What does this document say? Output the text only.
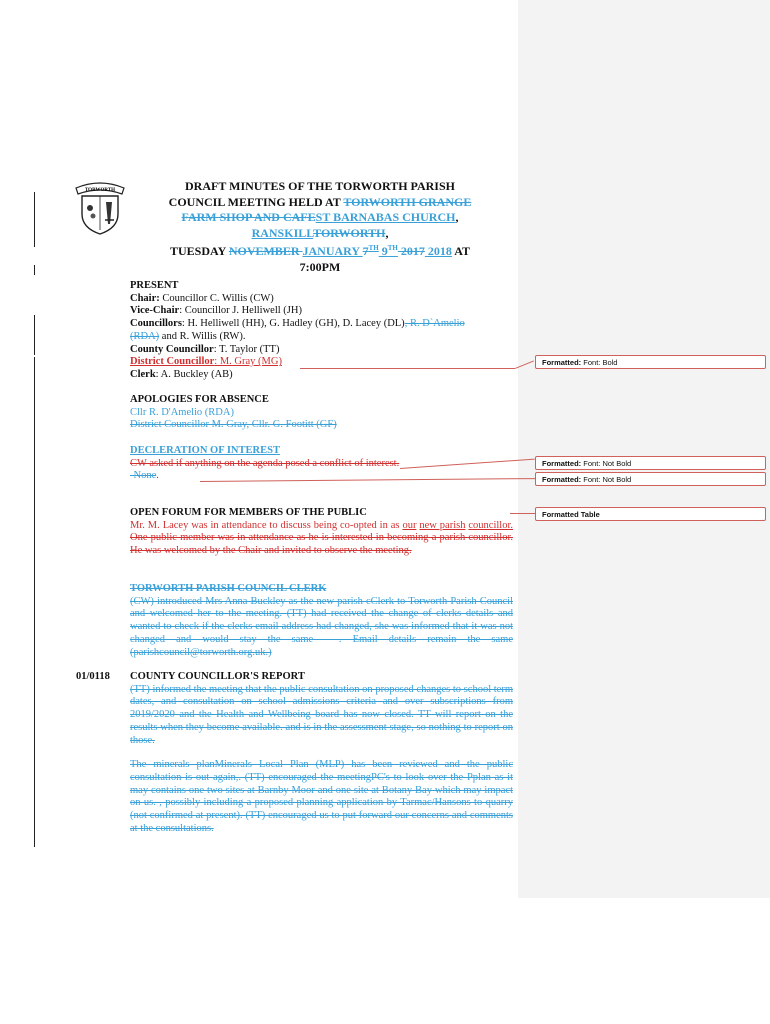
Formatted: Font: Bold
Formatted: Font: Not Bold
Formatted: Font: Not Bold
Formatted Table
TORWORTH	DRAFT MINUTES OF THE TORWORTH PARISH
COUNCIL MEETING HELD AT TORWORTH GRANGE
FARM SHOP AND CAFEST BARNABAS CHURCH,
RANSKILLTORWORTH,
TUESDAY NOVEMBER JANUARY 7TH 9TH 2017 2018 AT
7:00PM

PRESENT

Chair: Councillor C. Willis (CW)

Vice-Chair: Councillor J. Helliwell (JH)

Councillors: H. Helliwell (HH), G. Hadley (GH), D. Lacey (DL), R. D`Amelio

(RDA) and R. Willis (RW).

County Councillor: T. Taylor (TT)

District Councillor: M. Gray (MG)

Clerk: A. Buckley (AB)

APOLOGIES FOR ABSENCE

Cllr R. D'Amelio (RDA)

District Councillor M. Gray, Cllr. G. Footitt (GF)

DECLERATION OF INTEREST

CW asked if anything on the agenda posed a conflict of interest.

-None.

OPEN FORUM FOR MEMBERS OF THE PUBLIC

Mr. M. Lacey was in attendance to discuss being co-opted in as our new parish councillor. One public member was in attendance as he is interested in becoming a parish councillor. He was welcomed by the Chair and invited to observe the meeting.

TORWORTH PARISH COUNCIL CLERK

(CW) introduced Mrs Anna Buckley as the new parish cClerk to Torworth Parish Council and welcomed her to the meeting. (TT) had received the change of clerks details and wanted to check if the clerks email address had changed, she was informed that it was not changed and would stay the same - . Email details remain the same (parishcouncil@torworth.org.uk.)

01/0118 COUNTY COUNCILLOR'S REPORT

(TT) informed the meeting that the public consultation on proposed changes to school term dates, and consultation on school admissions criteria and over subscriptions from 2019/2020 and the Health and Wellbeing board has now closed. TT will report on the results when they become available. and is in the assessment stage, so nothing to report on those.

The minerals planMinerals Local Plan (MLP) has been reviewed and the public consultation is out again,. (TT) encouraged the meetingPC's to look over the Pplan as it may contains one two sites at Barnby Moor and one site at Botany Bay which may impact on us. , possibly including a proposed planning application by Tarmac/Hansons to quarry (not confirmed at present). (TT) encouraged us to put forward our concerns and comments at the consultations.
